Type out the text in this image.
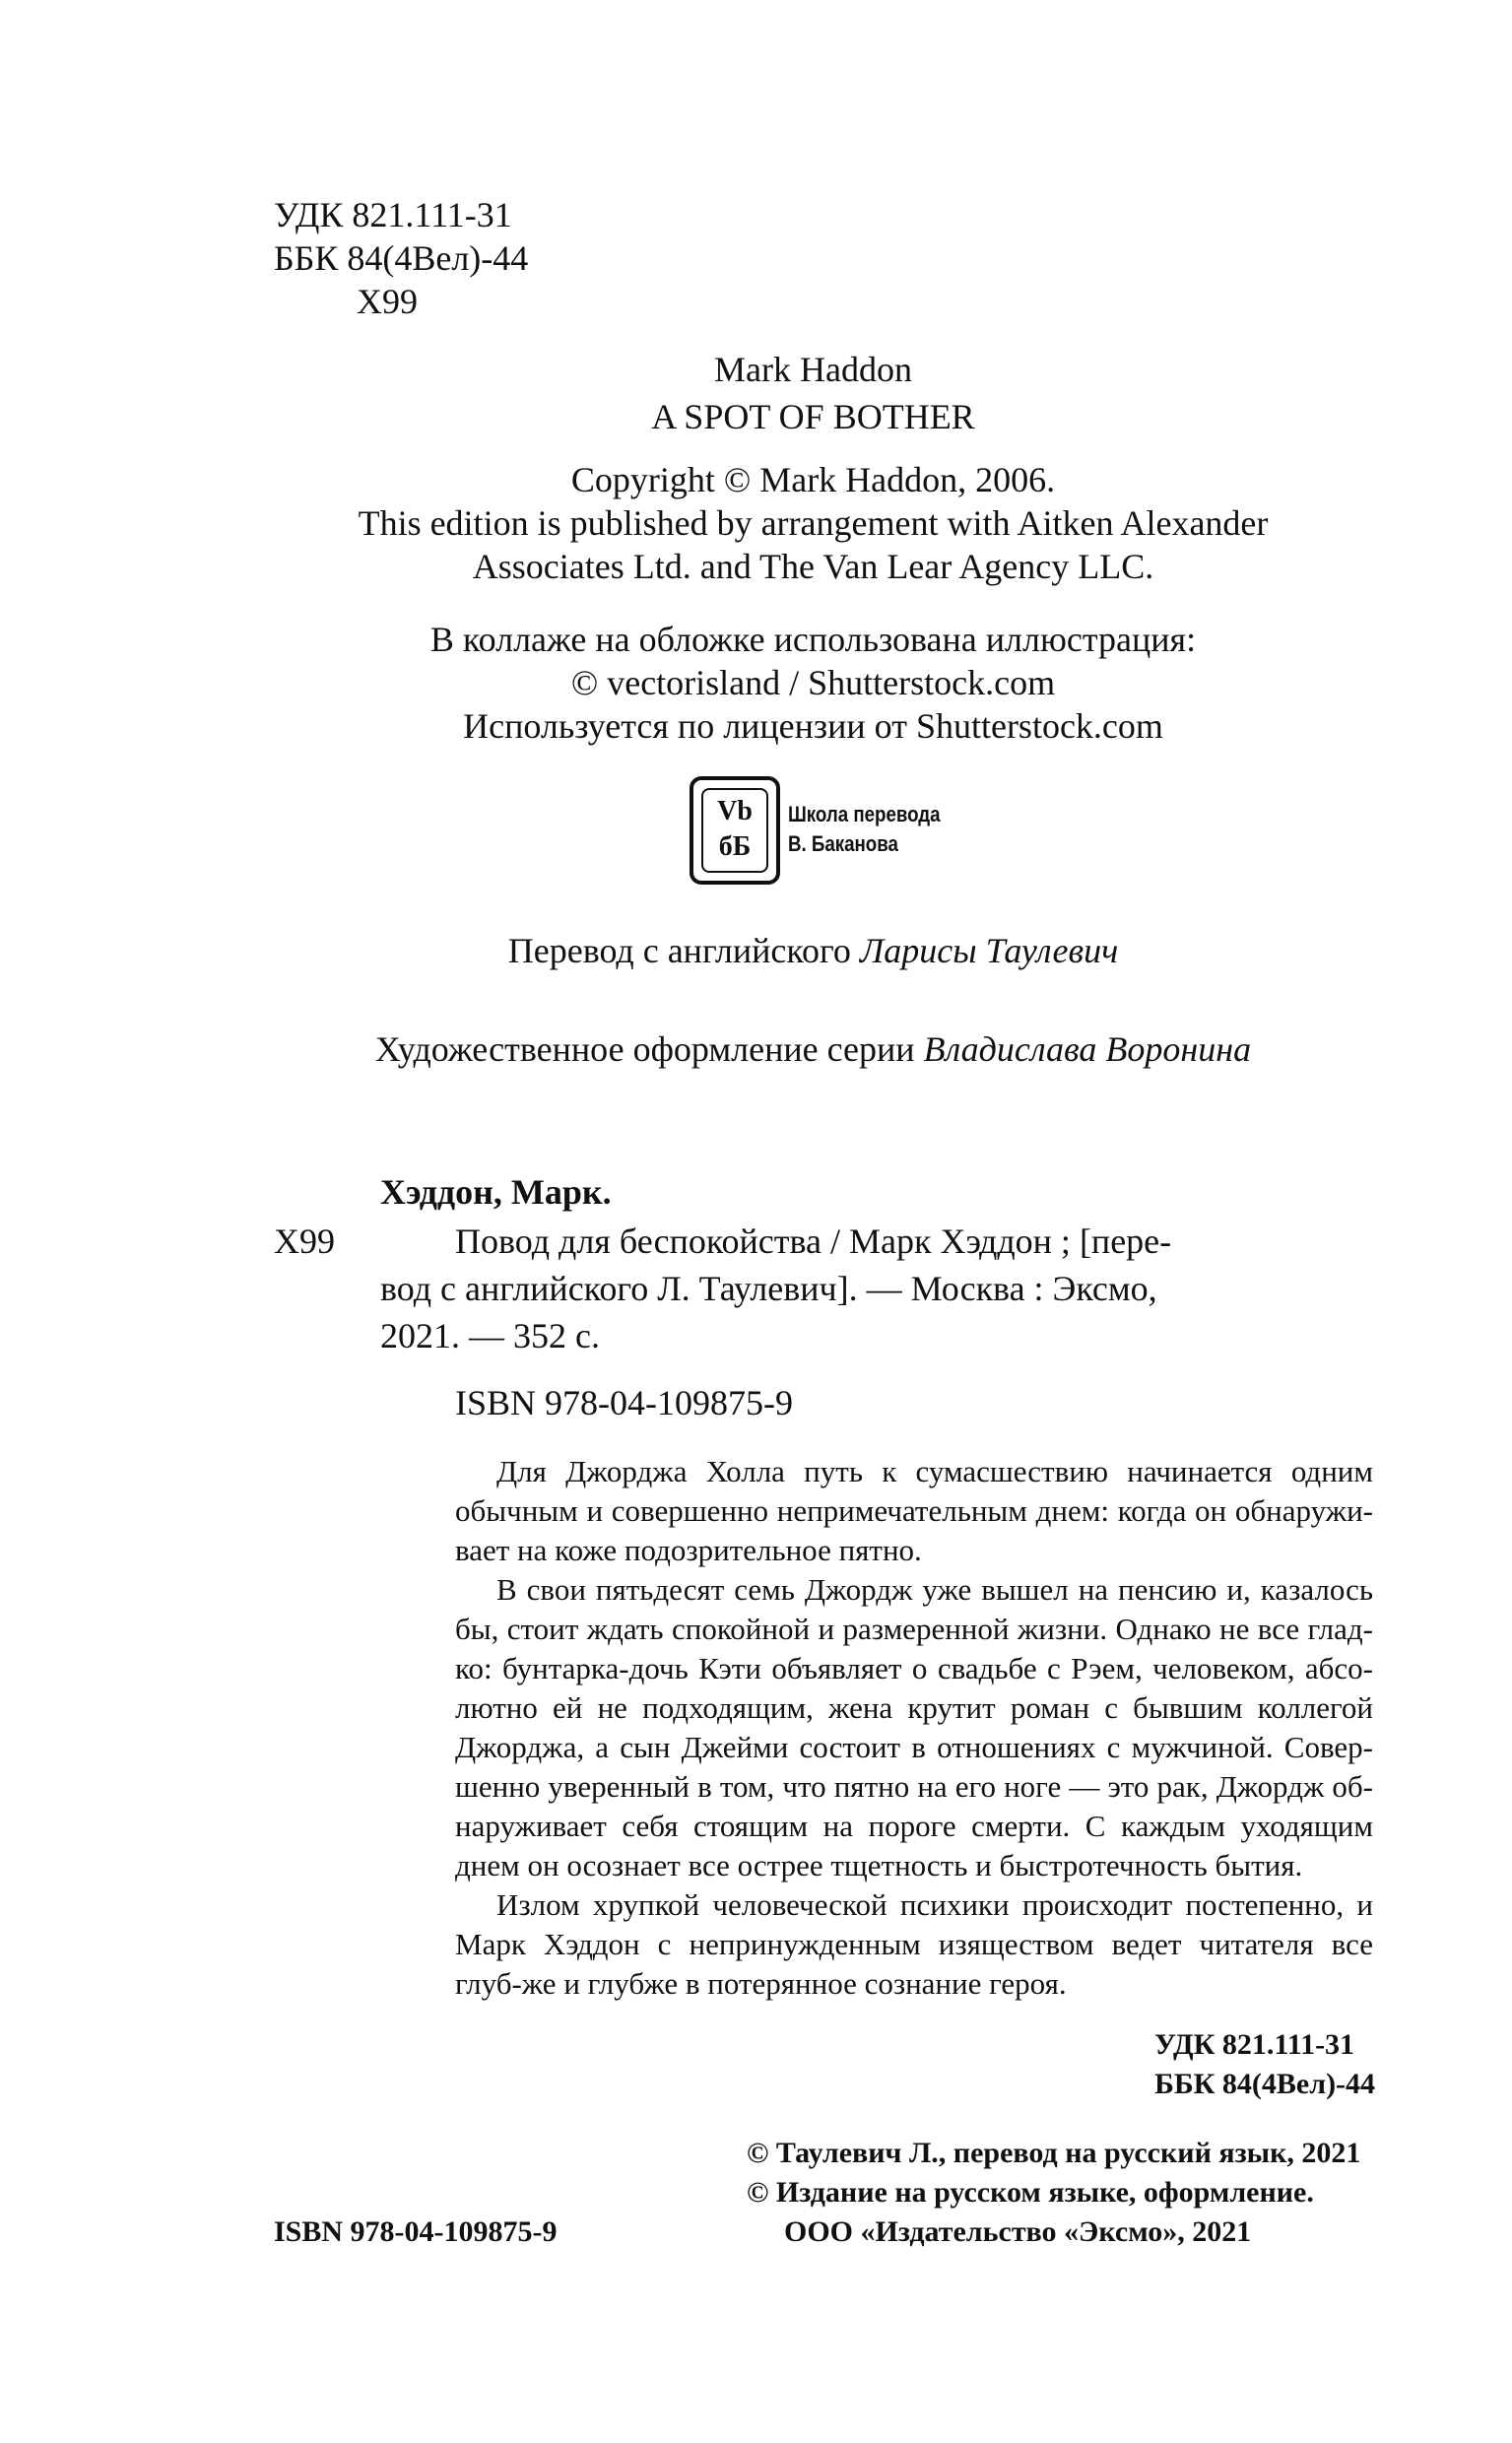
УДК 821.111-31

ББК 84(4Вел)-44

Х99

Mark Haddon

A SPOT OF BOTHER

Copyright © Mark Haddon, 2006.

This edition is published by arrangement with Aitken Alexander

Associates Ltd. and The Van Lear Agency LLC.

В коллаже на обложке использована иллюстрация:

© vectorisland / Shutterstock.com

Используется по лицензии от Shutterstock.com

Vb бБ
Школа перевода
В. Баканова

Перевод с английского Ларисы Таулевич

Художественное оформление серии Владислава Воронина

Хэддон, Марк.

Х99	Повод для беспокойства / Марк Хэддон ; [пере-

вод с английского Л. Таулевич]. — Москва : Эксмо,

2021. — 352 с.

ISBN 978-04-109875-9

Для Джорджа Холла путь к сумасшествию начинается одним обычным и совершенно непримечательным днем: когда он обнаружи-вает на коже подозрительное пятно.

В свои пятьдесят семь Джордж уже вышел на пенсию и, казалось бы, стоит ждать спокойной и размеренной жизни. Однако не все глад-ко: бунтарка-дочь Кэти объявляет о свадьбе с Рэем, человеком, абсо-лютно ей не подходящим, жена крутит роман с бывшим коллегой Джорджа, а сын Джейми состоит в отношениях с мужчиной. Совер-шенно уверенный в том, что пятно на его ноге — это рак, Джордж об-наруживает себя стоящим на пороге смерти. С каждым уходящим днем он осознает все острее тщетность и быстротечность бытия.

Излом хрупкой человеческой психики происходит постепенно, и Марк Хэддон с непринужденным изяществом ведет читателя все глуб-же и глубже в потерянное сознание героя.

УДК 821.111-31

ББК 84(4Вел)-44

© Таулевич Л., перевод на русский язык, 2021

© Издание на русском языке, оформление.

ООО «Издательство «Эксмо», 2021

ISBN 978-04-109875-9
